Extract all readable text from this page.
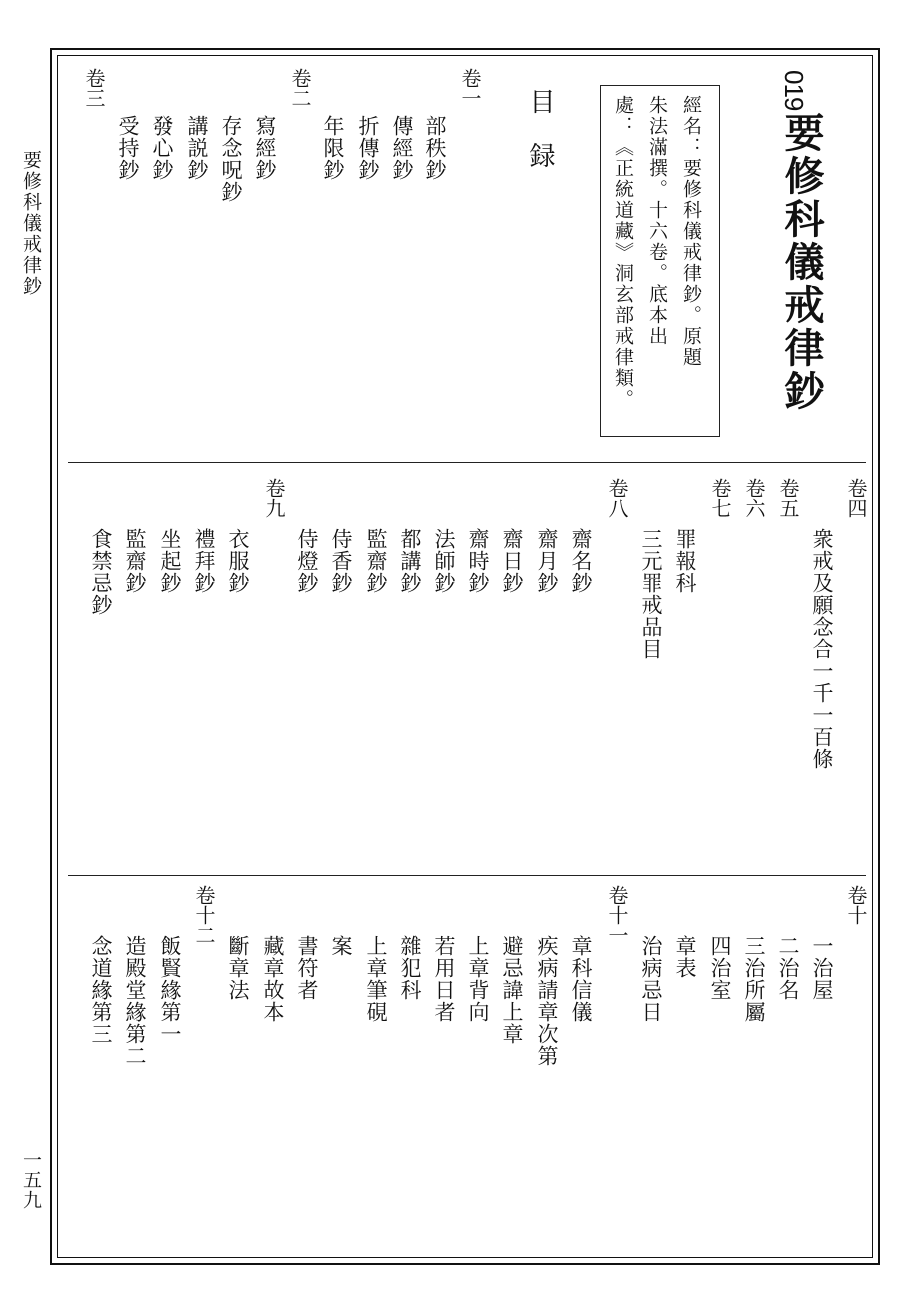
要修科儀戒律鈔
一五九
019
要修科儀戒律鈔
經名：要修科儀戒律鈔。原題
朱法滿撰。十六卷。底本出
處：《正統道藏》洞玄部戒律類。
目録
卷一
部秩鈔
傳經鈔
折傳鈔
年限鈔
卷二
寫經鈔
存念呪鈔
講説鈔
發心鈔
受持鈔
卷三
卷四
衆戒及願念合一千一百條
卷五
卷六
卷七
罪報科
三元罪戒品目
卷八
齋名鈔
齋月鈔
齋日鈔
齋時鈔
法師鈔
都講鈔
監齋鈔
侍香鈔
侍燈鈔
卷九
衣服鈔
禮拜鈔
坐起鈔
監齋鈔
食禁忌鈔
卷十
一治屋
二治名
三治所屬
四治室
章表
治病忌日
卷十一
章科信儀
疾病請章次第
避忌諱上章
上章背向
若用日者
雜犯科
上章筆硯
案
書符者
藏章故本
斷章法
卷十二
飯賢緣第一
造殿堂緣第二
念道緣第三
